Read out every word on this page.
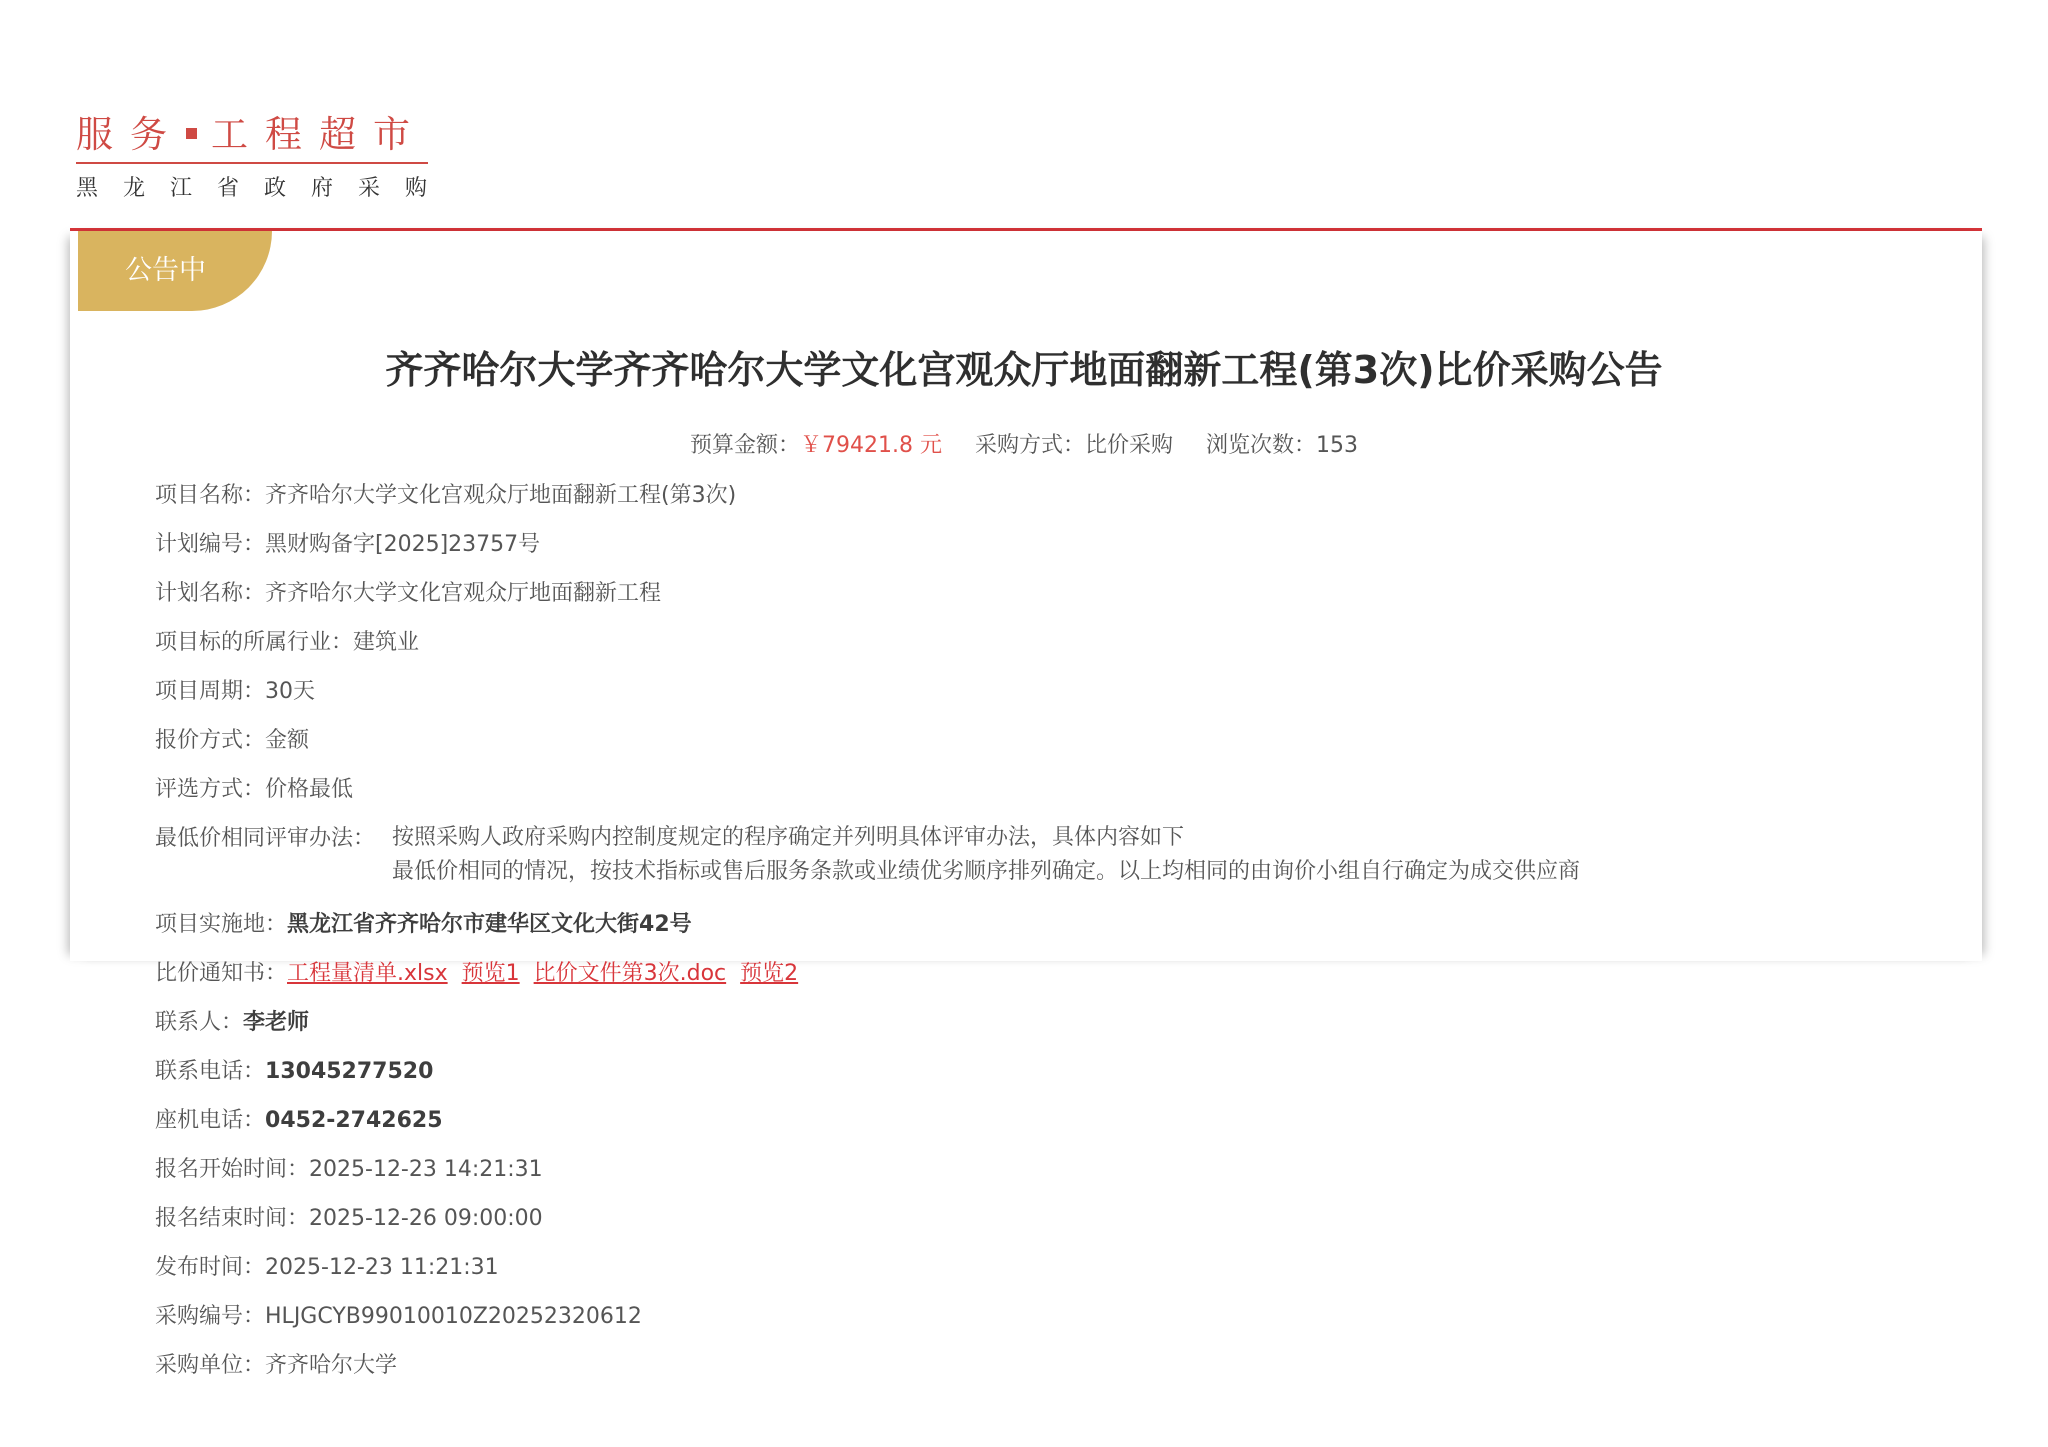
服务 工程超市
黑龙江省政府采购
公告中
齐齐哈尔大学齐齐哈尔大学文化宫观众厅地面翻新工程(第3次)比价采购公告
预算金额：￥79421.8 元 采购方式：比价采购 浏览次数：153
项目名称：齐齐哈尔大学文化宫观众厅地面翻新工程(第3次)
计划编号：黑财购备字[2025]23757号
计划名称：齐齐哈尔大学文化宫观众厅地面翻新工程
项目标的所属行业：建筑业
项目周期：30天
报价方式：金额
评选方式：价格最低
最低价相同评审办法： 按照采购人政府采购内控制度规定的程序确定并列明具体评审办法，具体内容如下
最低价相同的情况，按技术指标或售后服务条款或业绩优劣顺序排列确定。以上均相同的由询价小组自行确定为成交供应商
项目实施地：黑龙江省齐齐哈尔市建华区文化大街42号
比价通知书：工程量清单.xlsx 预览1 比价文件第3次.doc 预览2
联系人：李老师
联系电话：13045277520
座机电话：0452-2742625
报名开始时间：2025-12-23 14:21:31
报名结束时间：2025-12-26 09:00:00
发布时间：2025-12-23 11:21:31
采购编号：HLJGCYB99010010Z20252320612
采购单位：齐齐哈尔大学
